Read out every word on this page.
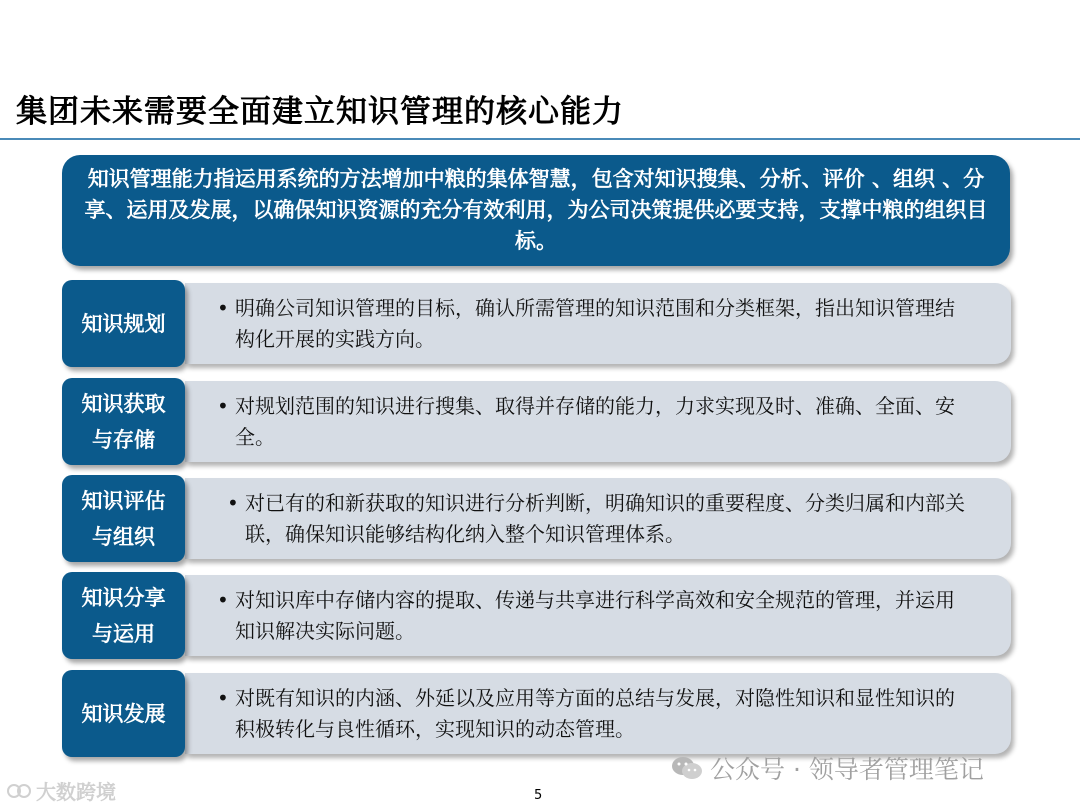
集团未来需要全面建立知识管理的核心能力
知识管理能力指运用系统的方法增加中粮的集体智慧，包含对知识搜集、分析、评价 、组织 、分享、运用及发展，以确保知识资源的充分有效利用，为公司决策提供必要支持，支撑中粮的组织目标。
知识规划
• 明确公司知识管理的目标，确认所需管理的知识范围和分类框架，指出知识管理结构化开展的实践方向。
知识获取与存储
• 对规划范围的知识进行搜集、取得并存储的能力，力求实现及时、准确、全面、安全。
知识评估与组织
• 对已有的和新获取的知识进行分析判断，明确知识的重要程度、分类归属和内部关联，确保知识能够结构化纳入整个知识管理体系。
知识分享与运用
• 对知识库中存储内容的提取、传递与共享进行科学高效和安全规范的管理，并运用知识解决实际问题。
知识发展
• 对既有知识的内涵、外延以及应用等方面的总结与发展，对隐性知识和显性知识的积极转化与良性循环，实现知识的动态管理。
大数跨境
公众号 · 领导者管理笔记
5
